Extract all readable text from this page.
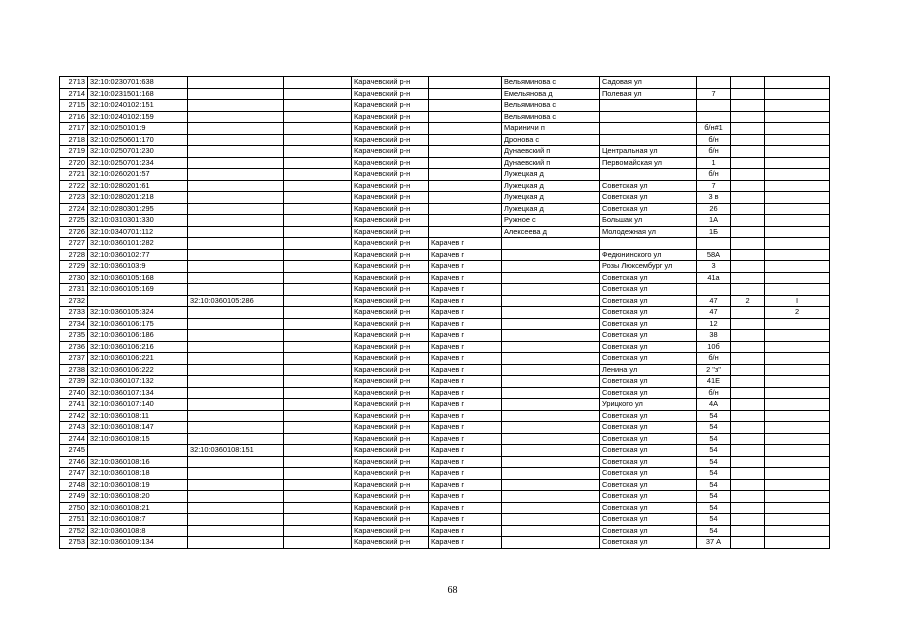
2713	32:10:0230701:638			Карачевский р-н		Вельяминова с	Садовая ул			
2714	32:10:0231501:168			Карачевский р-н		Емельянова д	Полевая ул	7		
2715	32:10:0240102:151			Карачевский р-н		Вельяминова с				
2716	32:10:0240102:159			Карачевский р-н		Вельяминова с				
2717	32:10:0250101:9			Карачевский р-н		Мариничи п		б/н#1		
2718	32:10:0250601:170			Карачевский р-н		Дронова с		б/н		
2719	32:10:0250701:230			Карачевский р-н		Дунаевский п	Центральная ул	б/н		
2720	32:10:0250701:234			Карачевский р-н		Дунаевский п	Первомайская ул	1		
2721	32:10:0260201:57			Карачевский р-н		Лужецкая д		б/н		
2722	32:10:0280201:61			Карачевский р-н		Лужецкая д	Советская ул	7		
2723	32:10:0280201:218			Карачевский р-н		Лужецкая д	Советская ул	3 в		
2724	32:10:0280301:295			Карачевский р-н		Лужецкая д	Советская ул	26		
2725	32:10:0310301:330			Карачевский р-н		Ружное с	Большак ул	1А		
2726	32:10:0340701:112			Карачевский р-н		Алексеева д	Молодежная ул	1Б		
2727	32:10:0360101:282			Карачевский р-н	Карачев г					
2728	32:10:0360102:77			Карачевский р-н	Карачев г		Федюнинского ул	58А		
2729	32:10:0360103:9			Карачевский р-н	Карачев г		Розы Люксембург ул	3		
2730	32:10:0360105:168			Карачевский р-н	Карачев г		Советская ул	41а		
2731	32:10:0360105:169			Карачевский р-н	Карачев г		Советская ул			
2732		32:10:0360105:286		Карачевский р-н	Карачев г		Советская ул	47	2	I
2733	32:10:0360105:324			Карачевский р-н	Карачев г		Советская ул	47		2
2734	32:10:0360106:175			Карачевский р-н	Карачев г		Советская ул	12		
2735	32:10:0360106:186			Карачевский р-н	Карачев г		Советская ул	38		
2736	32:10:0360106:216			Карачевский р-н	Карачев г		Советская ул	10б		
2737	32:10:0360106:221			Карачевский р-н	Карачев г		Советская ул	б/н		
2738	32:10:0360106:222			Карачевский р-н	Карачев г		Ленина ул	2 "з"		
2739	32:10:0360107:132			Карачевский р-н	Карачев г		Советская ул	41Е		
2740	32:10:0360107:134			Карачевский р-н	Карачев г		Советская ул	б/н		
2741	32:10:0360107:140			Карачевский р-н	Карачев г		Урицкого ул	4А		
2742	32:10:0360108:11			Карачевский р-н	Карачев г		Советская ул	54		
2743	32:10:0360108:147			Карачевский р-н	Карачев г		Советская ул	54		
2744	32:10:0360108:15			Карачевский р-н	Карачев г		Советская ул	54		
2745		32:10:0360108:151		Карачевский р-н	Карачев г		Советская ул	54		
2746	32:10:0360108:16			Карачевский р-н	Карачев г		Советская ул	54		
2747	32:10:0360108:18			Карачевский р-н	Карачев г		Советская ул	54		
2748	32:10:0360108:19			Карачевский р-н	Карачев г		Советская ул	54		
2749	32:10:0360108:20			Карачевский р-н	Карачев г		Советская ул	54		
2750	32:10:0360108:21			Карачевский р-н	Карачев г		Советская ул	54		
2751	32:10:0360108:7			Карачевский р-н	Карачев г		Советская ул	54		
2752	32:10:0360108:8			Карачевский р-н	Карачев г		Советская ул	54		
2753	32:10:0360109:134			Карачевский р-н	Карачев г		Советская ул	37 А		
68
